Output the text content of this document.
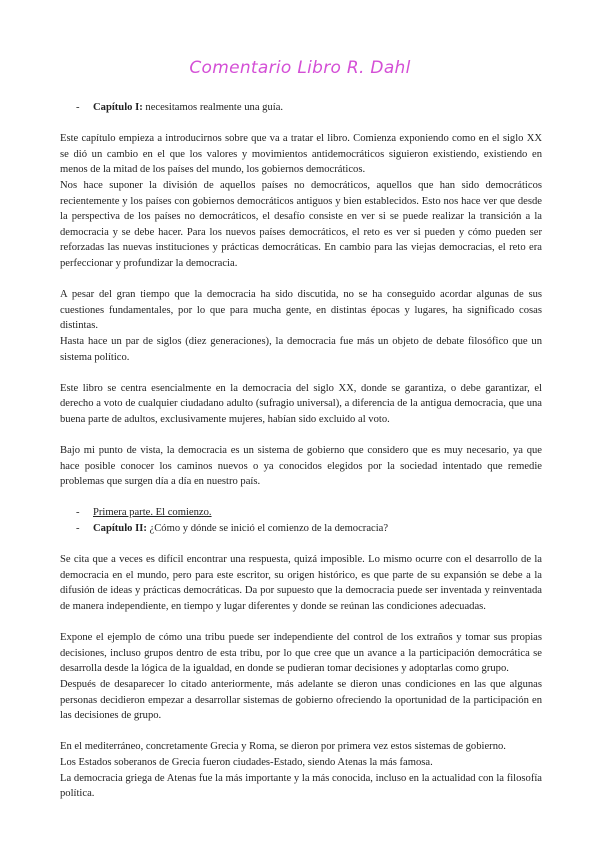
Comentario Libro R. Dahl

- Capítulo I: necesitamos realmente una guía.

Este capítulo empieza a introducirnos sobre que va a tratar el libro. Comienza exponiendo como en el siglo XX se dió un cambio en el que los valores y movimientos antidemocráticos siguieron existiendo, existiendo en menos de la mitad de los países del mundo, los gobiernos democráticos.

Nos hace suponer la división de aquellos países no democráticos, aquellos que han sido democráticos recientemente y los países con gobiernos democráticos antiguos y bien establecidos. Esto nos hace ver que desde la perspectiva de los países no democráticos, el desafío consiste en ver si se puede realizar la transición a la democracia y se debe hacer. Para los nuevos países democráticos, el reto es ver si pueden y cómo pueden ser reforzadas las nuevas instituciones y prácticas democráticas. En cambio para las viejas democracias, el reto era perfeccionar y profundizar la democracia.

A pesar del gran tiempo que la democracia ha sido discutida, no se ha conseguido acordar algunas de sus cuestiones fundamentales, por lo que para mucha gente, en distintas épocas y lugares, ha significado cosas distintas.

Hasta hace un par de siglos (diez generaciones), la democracia fue más un objeto de debate filosófico que un sistema político.

Este libro se centra esencialmente en la democracia del siglo XX, donde se garantiza, o debe garantizar, el derecho a voto de cualquier ciudadano adulto (sufragio universal), a diferencia de la antigua democracia, que una buena parte de adultos, exclusivamente mujeres, habían sido excluido al voto.

Bajo mi punto de vista, la democracia es un sistema de gobierno que considero que es muy necesario, ya que hace posible conocer los caminos nuevos o ya conocidos elegidos por la sociedad intentado que remedie problemas que surgen día a día en nuestro país.

- Primera parte. El comienzo.

- Capítulo II: ¿Cómo y dónde se inició el comienzo de la democracia?

Se cita que a veces es difícil encontrar una respuesta, quizá imposible. Lo mismo ocurre con el desarrollo de la democracia en el mundo, pero para este escritor, su origen histórico, es que parte de su expansión se debe a la difusión de ideas y prácticas democráticas. Da por supuesto que la democracia puede ser inventada y reinventada de manera independiente, en tiempo y lugar diferentes y donde se reúnan las condiciones adecuadas.

Expone el ejemplo de cómo una tribu puede ser independiente del control de los extraños y tomar sus propias decisiones, incluso grupos dentro de esta tribu, por lo que cree que un avance a la participación democrática se desarrolla desde la lógica de la igualdad, en donde se pudieran tomar decisiones y adoptarlas como grupo.

Después de desaparecer lo citado anteriormente, más adelante se dieron unas condiciones en las que algunas personas decidieron empezar a desarrollar sistemas de gobierno ofreciendo la oportunidad de la participación en las decisiones de grupo.

En el mediterráneo, concretamente Grecia y Roma, se dieron por primera vez estos sistemas de gobierno.

Los Estados soberanos de Grecia fueron ciudades-Estado, siendo Atenas la más famosa.

La democracia griega de Atenas fue la más importante y la más conocida, incluso en la actualidad con la filosofía política.
